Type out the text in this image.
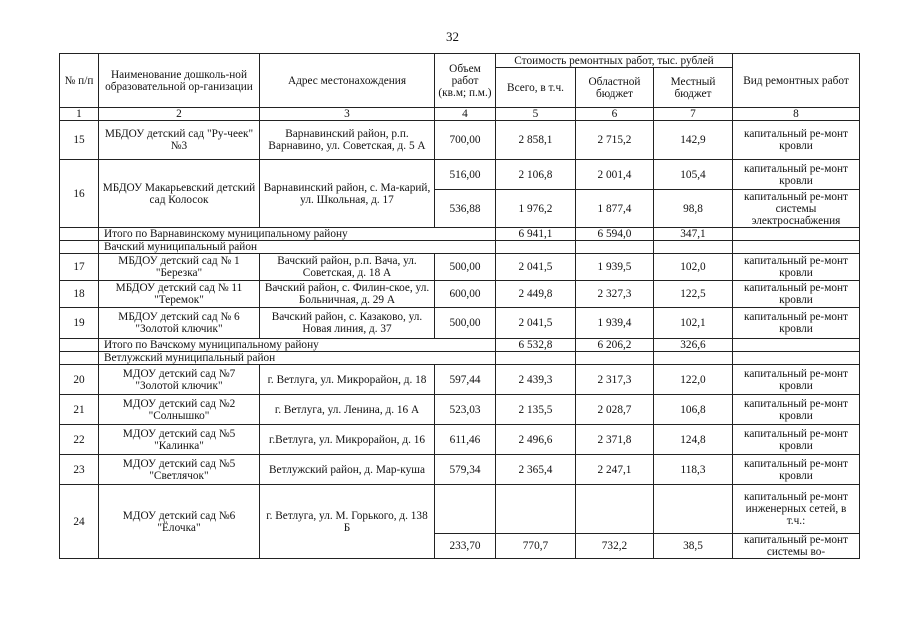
32
№ п/п	Наименование дошколь-ной образовательной ор-ганизации	Адрес местонахождения	Объем работ (кв.м; п.м.)	Стоимость ремонтных работ, тыс. рублей			Вид ремонтных работ
				Всего, в т.ч.	Областной бюджет	Местный бюджет	
1	2	3	4	5	6	7	8
15	МБДОУ детский сад "Ру-чеек" №3	Варнавинский район, р.п. Варнавино, ул. Советская, д. 5 А	700,00	2 858,1	2 715,2	142,9	капитальный ре-монт кровли
16	МБДОУ Макарьевский детский сад Колосок	Варнавинский район, с. Ма-карий, ул. Школьная, д. 17	516,00	2 106,8	2 001,4	105,4	капитальный ре-монт кровли
			536,88	1 976,2	1 877,4	98,8	капитальный ре-монт системы электроснабжения
	Итого по Варнавинскому муниципальному району			6 941,1	6 594,0	347,1	
	Вачский муниципальный район						
17	МБДОУ детский сад № 1 "Березка"	Вачский район, р.п. Вача, ул. Советская, д. 18 А	500,00	2 041,5	1 939,5	102,0	капитальный ре-монт кровли
18	МБДОУ детский сад № 11 "Теремок"	Вачский район, с. Филин-ское, ул. Больничная, д. 29 А	600,00	2 449,8	2 327,3	122,5	капитальный ре-монт кровли
19	МБДОУ детский сад № 6 "Золотой ключик"	Вачский район, с. Казаково, ул. Новая линия, д. 37	500,00	2 041,5	1 939,4	102,1	капитальный ре-монт кровли
	Итого по Вачскому муниципальному району			6 532,8	6 206,2	326,6	
	Ветлужский муниципальный район						
20	МДОУ детский сад №7 "Золотой ключик"	г. Ветлуга, ул. Микрорайон, д. 18	597,44	2 439,3	2 317,3	122,0	капитальный ре-монт кровли
21	МДОУ детский сад №2 "Солнышко"	г. Ветлуга, ул. Ленина, д. 16 А	523,03	2 135,5	2 028,7	106,8	капитальный ре-монт кровли
22	МДОУ детский сад №5 "Калинка"	г.Ветлуга, ул. Микрорайон, д. 16	611,46	2 496,6	2 371,8	124,8	капитальный ре-монт кровли
23	МДОУ детский сад №5 "Светлячок"	Ветлужский район, д. Мар-куша	579,34	2 365,4	2 247,1	118,3	капитальный ре-монт кровли
24	МДОУ детский сад №6 "Ёлочка"	г. Ветлуга, ул. М. Горького, д. 138 Б					капитальный ре-монт инженерных сетей, в т.ч.:
			233,70	770,7	732,2	38,5	капитальный ре-монт системы во-
